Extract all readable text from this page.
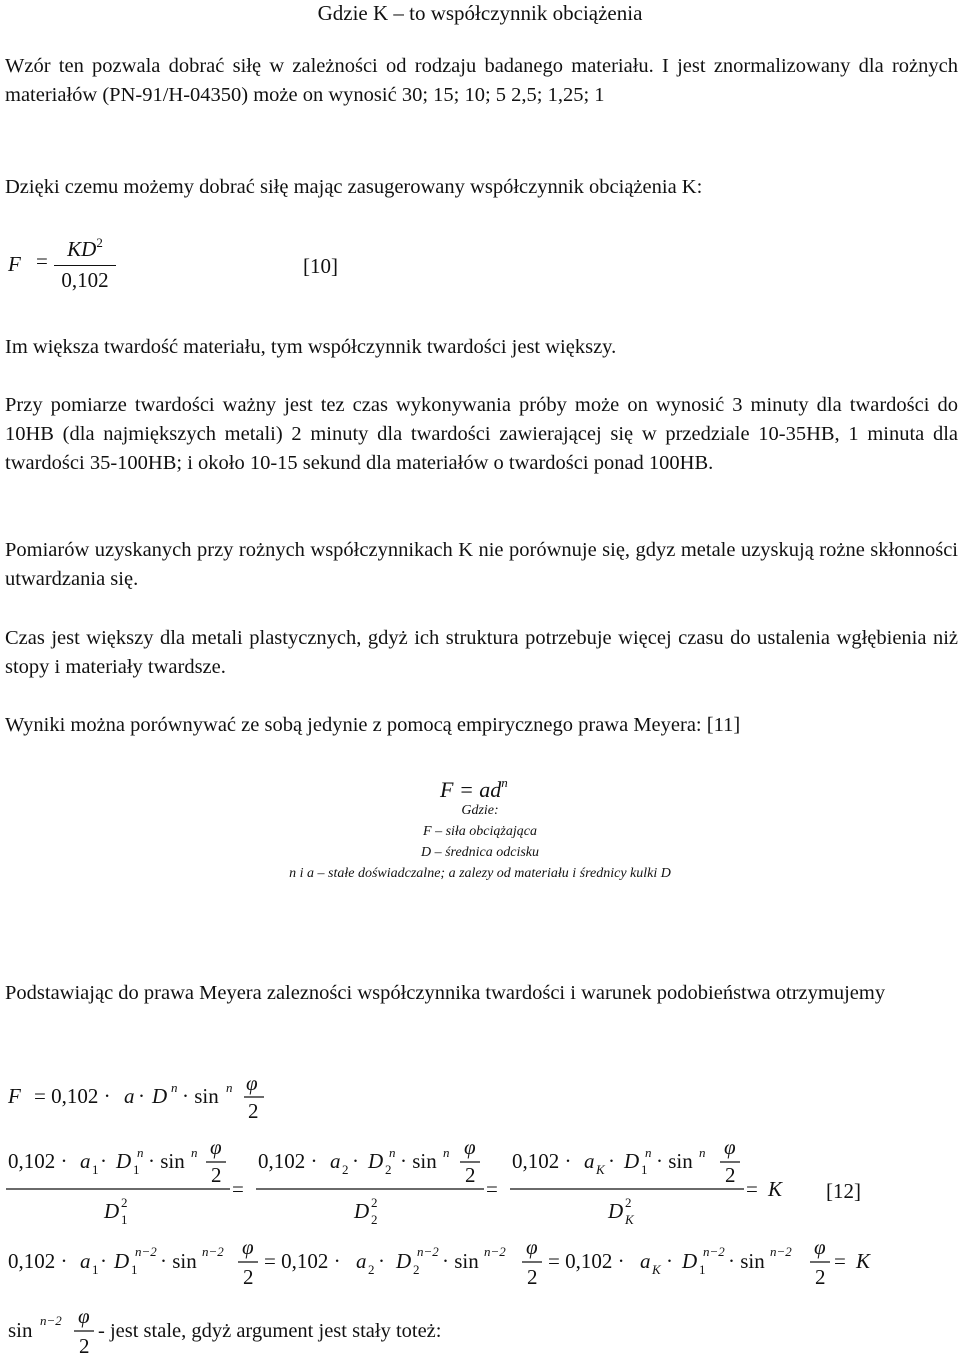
Gdzie K – to współczynnik obciążenia

Wzór ten pozwala dobrać siłę w zależności od rodzaju badanego materiału. I jest znormalizowany dla rożnych materiałów (PN-91/H-04350) może on wynosić 30; 15; 10; 5 2,5; 1,25; 1

Dzięki czemu możemy dobrać siłę mając zasugerowany współczynnik obciążenia K:

$F = KD^2$
0,102
[10]

Im większa twardość materiału, tym współczynnik twardości jest większy.

Przy pomiarze twardości ważny jest tez czas wykonywania próby może on wynosić 3 minuty dla twardości do 10HB (dla najmiększych metali) 2 minuty dla twardości zawierającej się w przedziale 10-35HB, 1 minuta dla twardości 35-100HB; i około 10-15 sekund dla materiałów o twardości ponad 100HB.

Pomiarów uzyskanych przy rożnych współczynnikach K nie porównuje się, gdyz metale uzyskują rożne skłonności utwardzania się.

Czas jest większy dla metali plastycznych, gdyż ich struktura potrzebuje więcej czasu do ustalenia wgłębienia niż stopy i materiały twardsze.

Wyniki można porównywać ze sobą jedynie z pomocą empirycznego prawa Meyera: [11]

$F = ad^n$
Gdzie:
F – siła obciążająca
D – średnica odcisku
n i a – stałe doświadczalne; a zalezy od materiału i średnicy kulki D

Podstawiając do prawa Meyera zalezności współczynnika twardości i warunek podobieństwa otrzymujemy

F = 0,102 · a · D n · sin n φ
2
0,102 · a 1 · D 1
n · sin n φ
2
D 1
2
=
0,102 · a 2 · D 2
n · sin n φ
2
D 2
2
=
0,102 · a K · D 1
n · sin n φ
2
D K
2
= K [12]
0,102 · a 1 · D 1
n−2 · sin n−2 φ
2
= 0,102 · a 2 · D 2
n−2 · sin n−2 φ
2
= 0,102 · a K · D 1
n−2 · sin n−2 φ
2
= K
sin n−2 φ
2
- jest stale, gdyż argument jest stały toteż:
